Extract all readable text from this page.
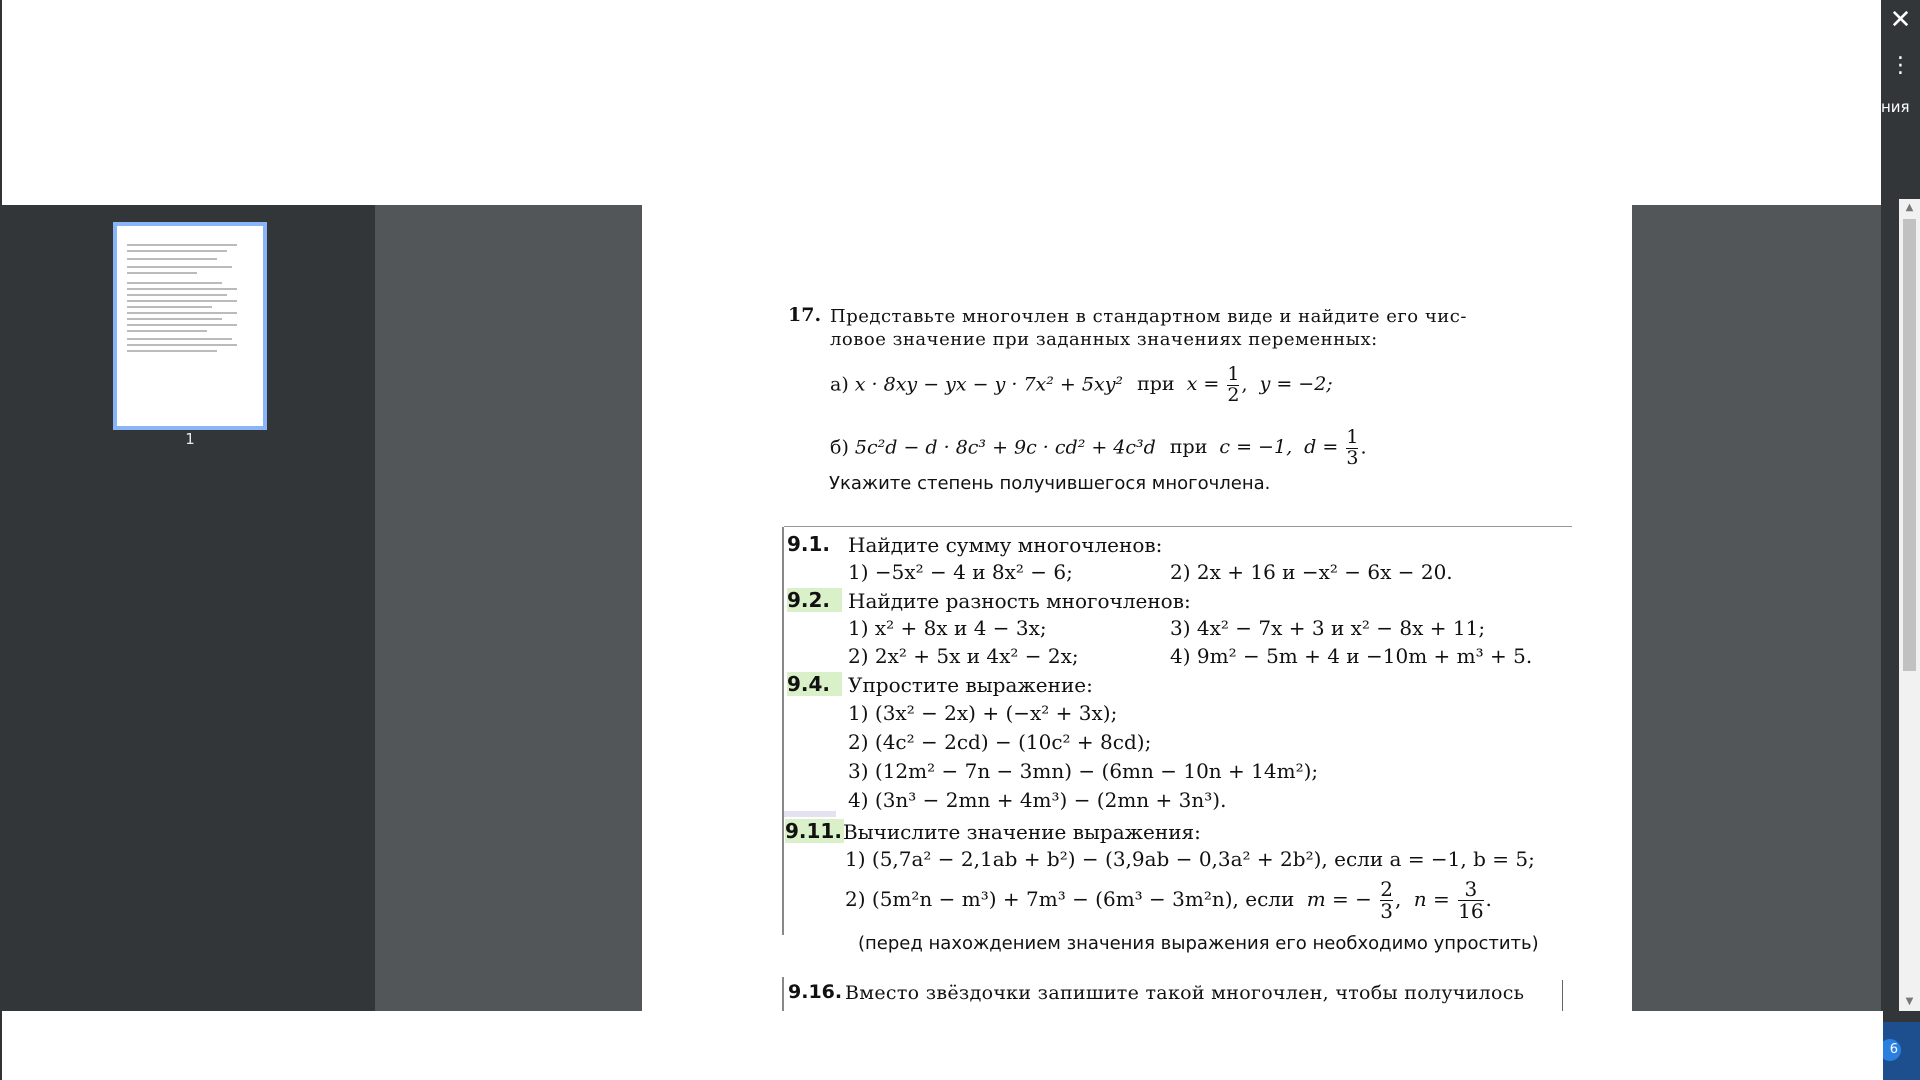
✕
⋮
ния
6
1
17. Представьте многочлен в стандартном виде и найдите его чис-
ловое значение при заданных значениях переменных:
а) x · 8xy − yx − y · 7x² + 5xy² при $x = \frac{1}{2}$ , y = −2;
б) 5c²d − d · 8c³ + 9c · cd² + 4c³d при c = −1, $d = \frac{1}{3}$ .
Укажите степень получившегося многочлена.
9.1. Найдите сумму многочленов:
1) −5x² − 4 и 8x² − 6;	2) 2x + 16 и −x² − 6x − 20.
9.2. Найдите разность многочленов:
1) x² + 8x и 4 − 3x;	3) 4x² − 7x + 3 и x² − 8x + 11;
2) 2x² + 5x и 4x² − 2x;	4) 9m² − 5m + 4 и −10m + m³ + 5.
9.4. Упростите выражение:
1) (3x² − 2x) + (−x² + 3x);
2) (4c² − 2cd) − (10c² + 8cd);
3) (12m² − 7n − 3mn) − (6mn − 10n + 14m²);
4) (3n³ − 2mn + 4m³) − (2mn + 3n³).
9.11. Вычислите значение выражения:
1) (5,7a² − 2,1ab + b²) − (3,9ab − 0,3a² + 2b²), если a = −1, b = 5;
2) (5m²n − m³) + 7m³ − (6m³ − 3m²n), если m = − $\frac{2}{3}$ , $n = \frac{3}{16}$ .
(перед нахождением значения выражения его необходимо упростить)
9.16. Вместо звёздочки запишите такой многочлен, чтобы получилось
▲
▼
